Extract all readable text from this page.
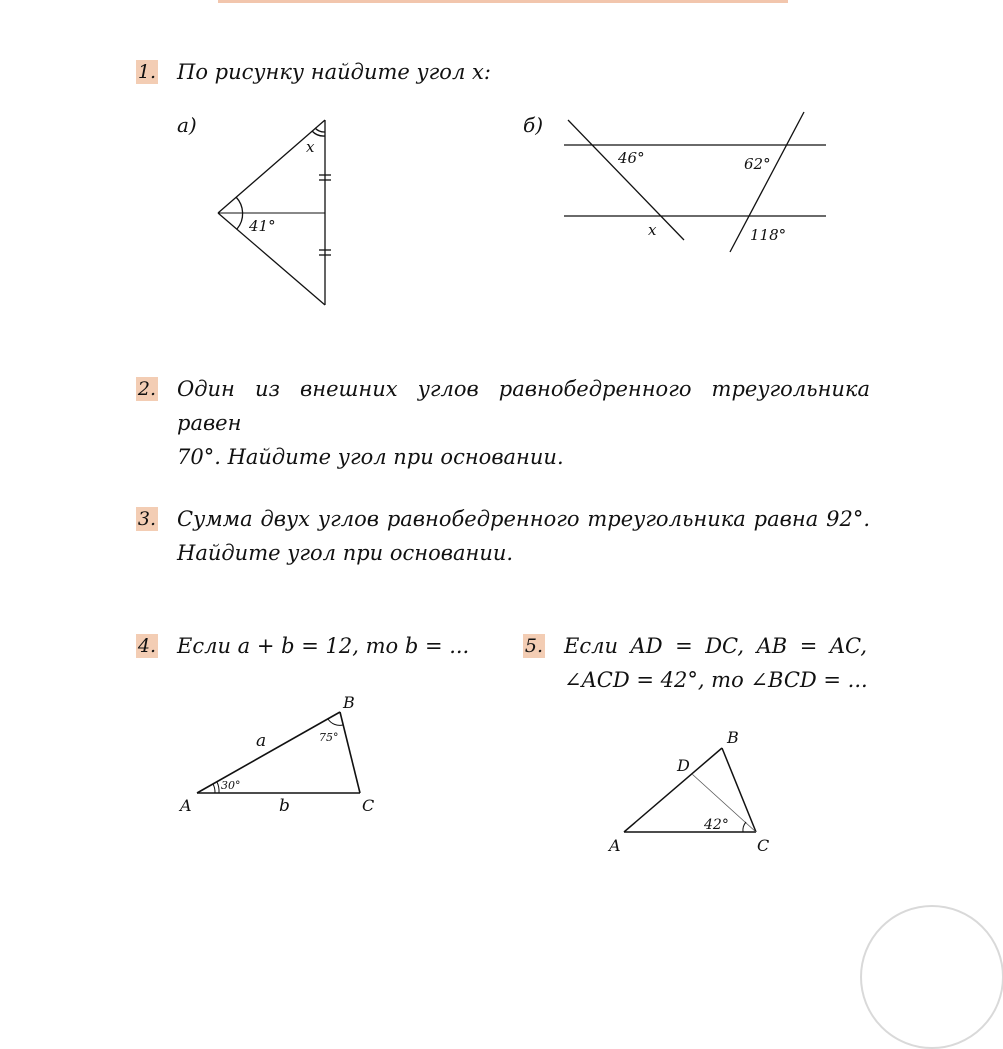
1. По рисунку найдите угол x:
а)
x
41°
б)
46°	62°
x	118°
2. Один из внешних углов равнобедренного треугольника равен
70°. Найдите угол при основании.
3. Сумма двух углов равнобедренного треугольника равна 92°.
Найдите угол при основании.
4. Если a + b = 12, то b = ...
B
A	C
a
b
30°
75°
5. Если AD = DC, AB = AC,
∠ACD = 42°, то ∠BCD = ...
B
D
A	C
42°
